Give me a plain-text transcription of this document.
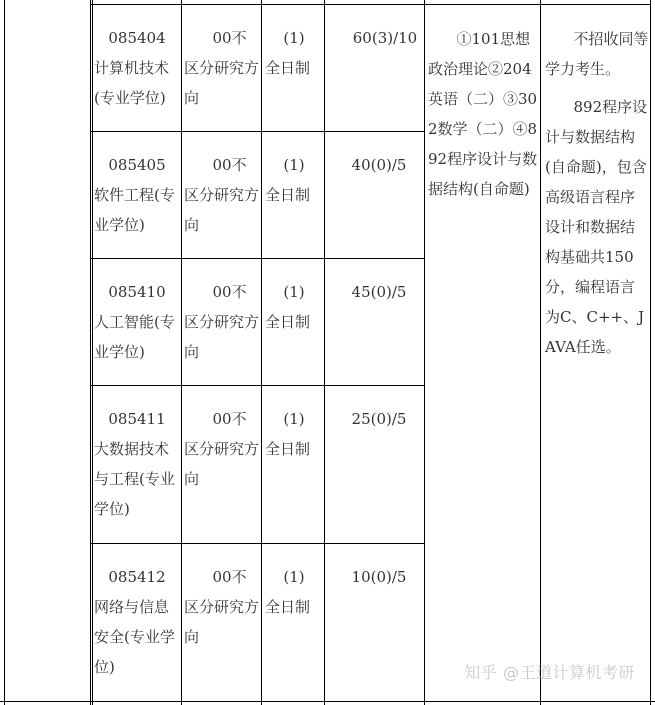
085404
计算机技术(专业学位)
00不区分研究方向
(1)
全日制
60(3)/10
085405
软件工程(专业学位)
00不区分研究方向
(1)
全日制
40(0)/5
085410
人工智能(专业学位)
00不区分研究方向
(1)
全日制
45(0)/5
085411
大数据技术与工程(专业学位)
00不区分研究方向
(1)
全日制
25(0)/5
085412
网络与信息安全(专业学位)
00不区分研究方向
(1)
全日制
10(0)/5
①101思想政治理论②204英语（二）③302数学（二）④892程序设计与数据结构(自命题)

不招收同等学力考生。

892程序设计与数据结构(自命题)，包含高级语言程序设计和数据结构基础共150分，编程语言为C、C++、JAVA任选。

知乎 @王道计算机考研
